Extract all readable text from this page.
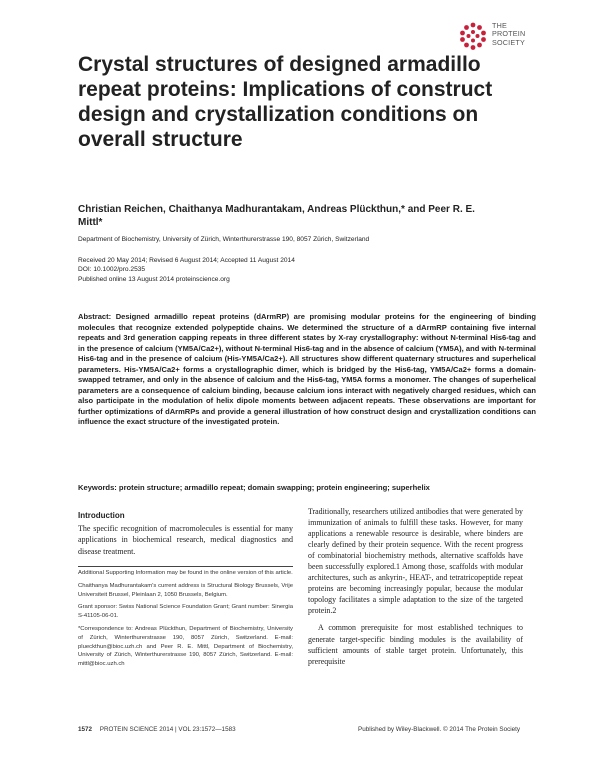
THE
PROTEIN
SOCIETY
Crystal structures of designed armadillo repeat proteins: Implications of construct design and crystallization conditions on overall structure
Christian Reichen, Chaithanya Madhurantakam, Andreas Plückthun,* and Peer R. E. Mittl*
Department of Biochemistry, University of Zürich, Winterthurerstrasse 190, 8057 Zürich, Switzerland
Received 20 May 2014; Revised 6 August 2014; Accepted 11 August 2014
DOI: 10.1002/pro.2535
Published online 13 August 2014 proteinscience.org

Abstract: Designed armadillo repeat proteins (dArmRP) are promising modular proteins for the engineering of binding molecules that recognize extended polypeptide chains. We determined the structure of a dArmRP containing five internal repeats and 3rd generation capping repeats in three different states by X-ray crystallography: without N-terminal His6-tag and in the presence of calcium (YM5A/Ca2+), without N-terminal His6-tag and in the absence of calcium (YM5A), and with N-terminal His6-tag and in the presence of calcium (His-YM5A/Ca2+). All structures show different quaternary structures and superhelical parameters. His-YM5A/Ca2+ forms a crystallographic dimer, which is bridged by the His6-tag, YM5A/Ca2+ forms a domain-swapped tetramer, and only in the absence of calcium and the His6-tag, YM5A forms a monomer. The changes of superhelical parameters are a consequence of calcium binding, because calcium ions interact with negatively charged residues, which can also participate in the modulation of helix dipole moments between adjacent repeats. These observations are important for further optimizations of dArmRPs and provide a general illustration of how construct design and crystallization conditions can influence the exact structure of the investigated protein.

Keywords: protein structure; armadillo repeat; domain swapping; protein engineering; superhelix
Introduction

The specific recognition of macromolecules is essential for many applications in biochemical research, medical diagnostics and disease treatment.

Additional Supporting Information may be found in the online version of this article.

Chaithanya Madhurantakam's current address is Structural Biology Brussels, Vrije Universiteit Brussel, Pleinlaan 2, 1050 Brussels, Belgium.

Grant sponsor: Swiss National Science Foundation Grant; Grant number: Sinergia S-41105-06-01.

*Correspondence to: Andreas Plückthun, Department of Biochemistry, University of Zürich, Winterthurerstrasse 190, 8057 Zürich, Switzerland. E-mail: plueckthun@bioc.uzh.ch and Peer R. E. Mittl, Department of Biochemistry, University of Zürich, Winterthurerstrasse 190, 8057 Zürich, Switzerland. E-mail: mittl@bioc.uzh.ch

Traditionally, researchers utilized antibodies that were generated by immunization of animals to fulfill these tasks. However, for many applications a renewable resource is desirable, where binders are clearly defined by their protein sequence. With the recent progress of combinatorial biochemistry methods, alternative scaffolds have been successfully explored.1 Among those, scaffolds with modular architectures, such as ankyrin-, HEAT-, and tetratricopeptide repeat proteins are becoming increasingly popular, because the modular topology facilitates a simple adaptation to the size of the targeted protein.2

A common prerequisite for most established techniques to generate target-specific binding modules is the availability of sufficient amounts of stable target protein. Unfortunately, this prerequisite

1572 PROTEIN SCIENCE 2014 | VOL 23:1572—1583	Published by Wiley-Blackwell. © 2014 The Protein Society
